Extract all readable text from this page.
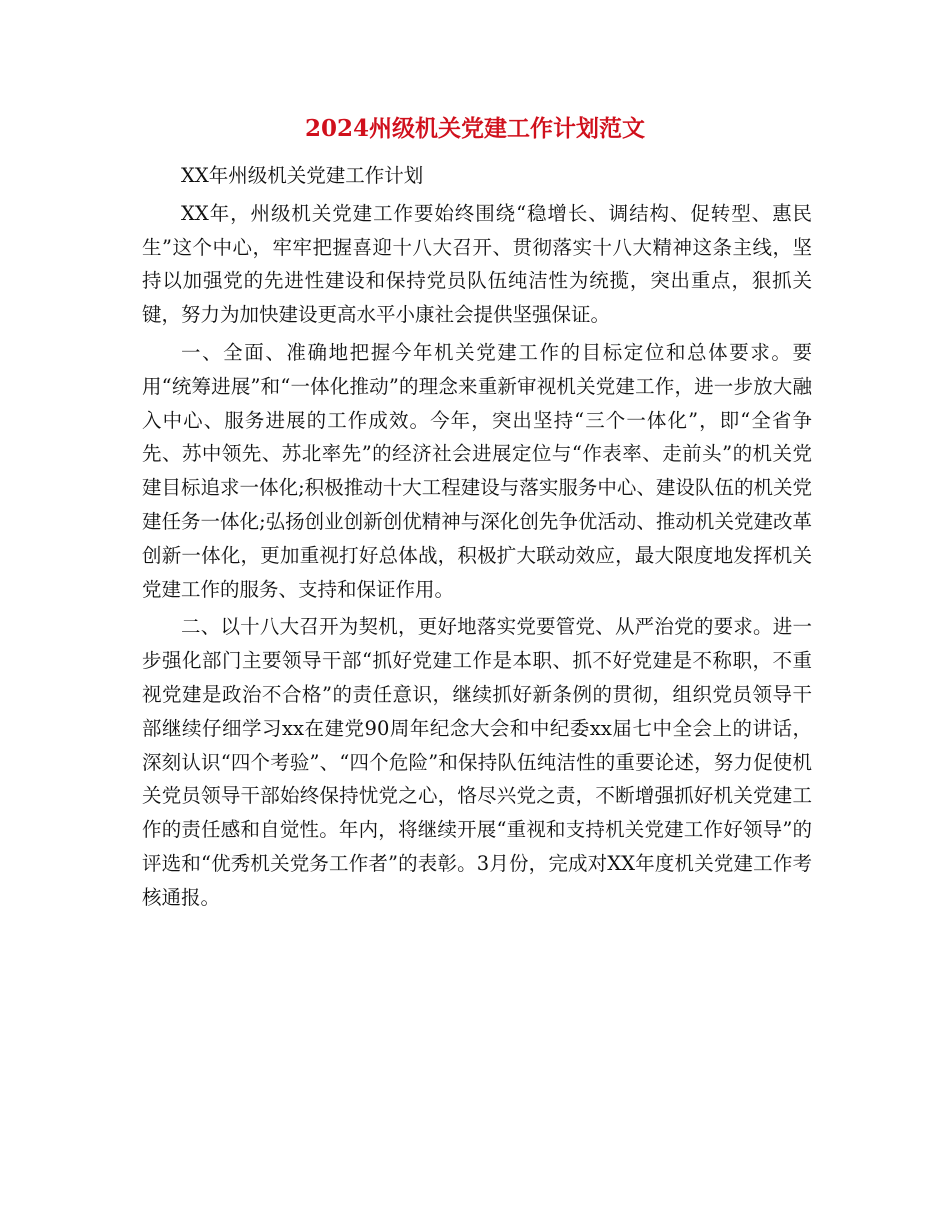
2024州级机关党建工作计划范文

XX年州级机关党建工作计划

XX年，州级机关党建工作要始终围绕“稳增长、调结构、促转型、惠民生”这个中心，牢牢把握喜迎十八大召开、贯彻落实十八大精神这条主线，坚持以加强党的先进性建设和保持党员队伍纯洁性为统揽，突出重点，狠抓关键，努力为加快建设更高水平小康社会提供坚强保证。

一、全面、准确地把握今年机关党建工作的目标定位和总体要求。要用“统筹进展”和“一体化推动”的理念来重新审视机关党建工作，进一步放大融入中心、服务进展的工作成效。今年，突出坚持“三个一体化”，即“全省争先、苏中领先、苏北率先”的经济社会进展定位与“作表率、走前头”的机关党建目标追求一体化;积极推动十大工程建设与落实服务中心、建设队伍的机关党建任务一体化;弘扬创业创新创优精神与深化创先争优活动、推动机关党建改革创新一体化，更加重视打好总体战，积极扩大联动效应，最大限度地发挥机关党建工作的服务、支持和保证作用。

二、以十八大召开为契机，更好地落实党要管党、从严治党的要求。进一步强化部门主要领导干部“抓好党建工作是本职、抓不好党建是不称职，不重视党建是政治不合格”的责任意识，继续抓好新条例的贯彻，组织党员领导干部继续仔细学习xx在建党90周年纪念大会和中纪委xx届七中全会上的讲话，深刻认识“四个考验”、“四个危险”和保持队伍纯洁性的重要论述，努力促使机关党员领导干部始终保持忧党之心，恪尽兴党之责，不断增强抓好机关党建工作的责任感和自觉性。年内，将继续开展“重视和支持机关党建工作好领导”的评选和“优秀机关党务工作者”的表彰。3月份，完成对XX年度机关党建工作考核通报。
